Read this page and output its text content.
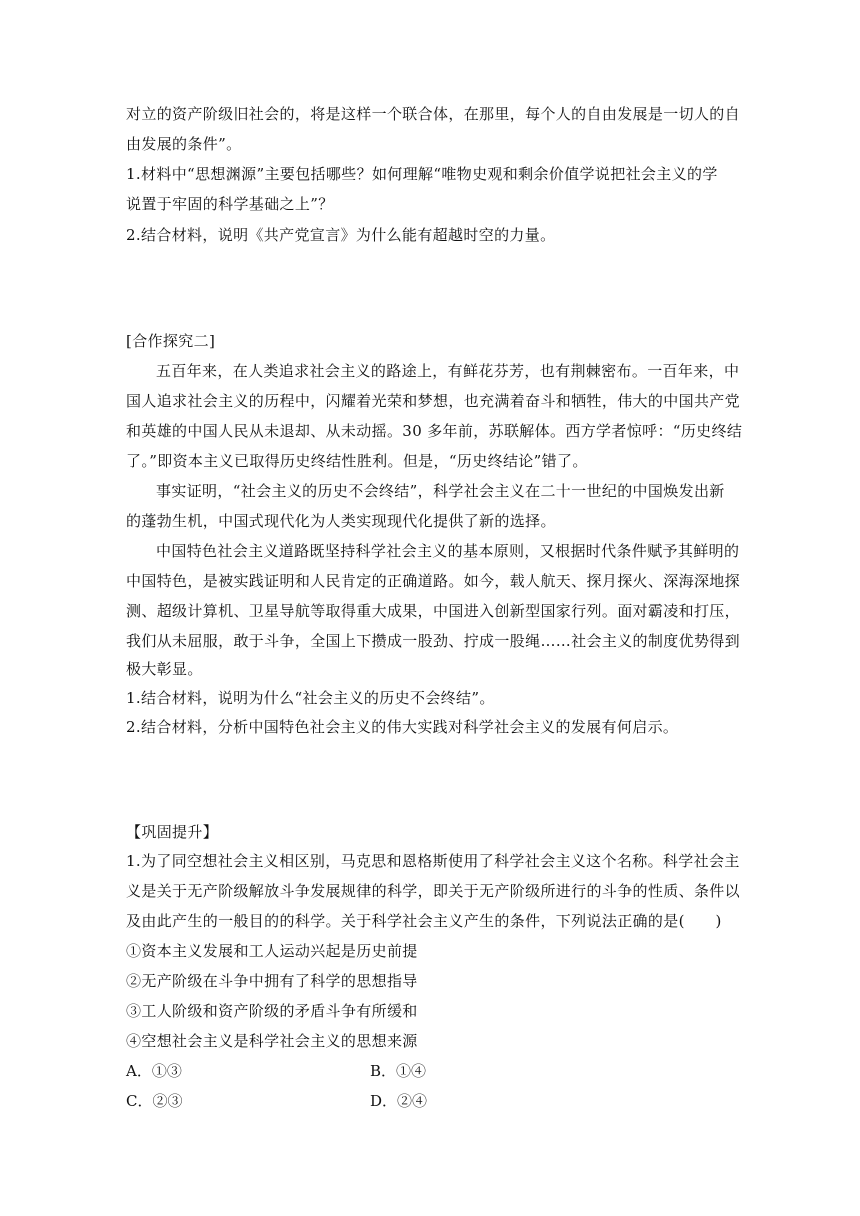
对立的资产阶级旧社会的，将是这样一个联合体，在那里，每个人的自由发展是一切人的自
由发展的条件”。
1.材料中“思想渊源”主要包括哪些？如何理解“唯物史观和剩余价值学说把社会主义的学
说置于牢固的科学基础之上”？
2.结合材料，说明《共产党宣言》为什么能有超越时空的力量。
[合作探究二]
五百年来，在人类追求社会主义的路途上，有鲜花芬芳，也有荆棘密布。一百年来，中
国人追求社会主义的历程中，闪耀着光荣和梦想，也充满着奋斗和牺牲，伟大的中国共产党
和英雄的中国人民从未退却、从未动摇。30 多年前，苏联解体。西方学者惊呼：“历史终结
了。”即资本主义已取得历史终结性胜利。但是，“历史终结论”错了。
事实证明，“社会主义的历史不会终结”，科学社会主义在二十一世纪的中国焕发出新
的蓬勃生机，中国式现代化为人类实现现代化提供了新的选择。
中国特色社会主义道路既坚持科学社会主义的基本原则，又根据时代条件赋予其鲜明的
中国特色，是被实践证明和人民肯定的正确道路。如今，载人航天、探月探火、深海深地探
测、超级计算机、卫星导航等取得重大成果，中国进入创新型国家行列。面对霸凌和打压，
我们从未屈服，敢于斗争，全国上下攒成一股劲、拧成一股绳……社会主义的制度优势得到
极大彰显。
1.结合材料，说明为什么“社会主义的历史不会终结”。
2.结合材料，分析中国特色社会主义的伟大实践对科学社会主义的发展有何启示。
【巩固提升】
1.为了同空想社会主义相区别，马克思和恩格斯使用了科学社会主义这个名称。科学社会主
义是关于无产阶级解放斗争发展规律的科学，即关于无产阶级所进行的斗争的性质、条件以
及由此产生的一般目的的科学。关于科学社会主义产生的条件，下列说法正确的是(　　)
①资本主义发展和工人运动兴起是历史前提
②无产阶级在斗争中拥有了科学的思想指导
③工人阶级和资产阶级的矛盾斗争有所缓和
④空想社会主义是科学社会主义的思想来源
A．①③	B．①④
C．②③	D．②④
